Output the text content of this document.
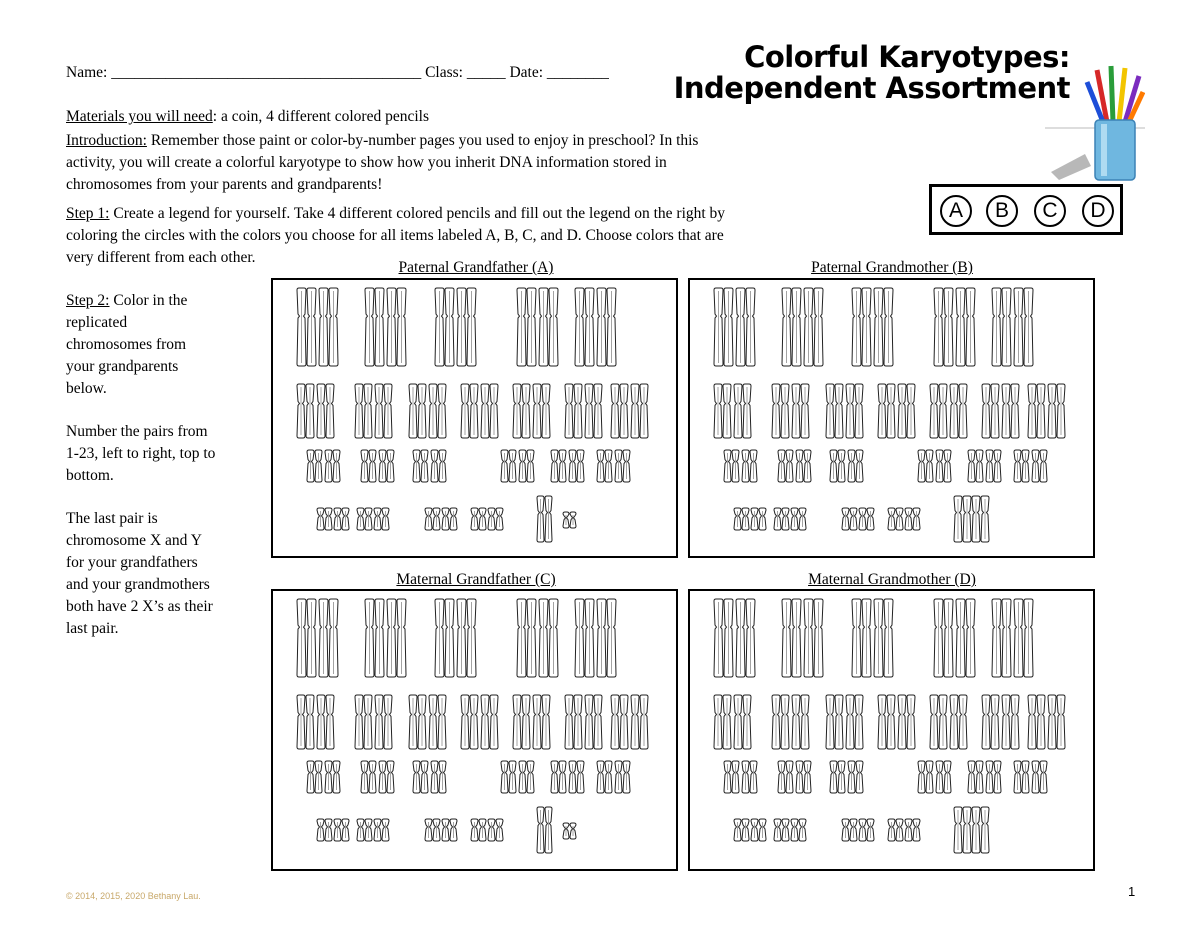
Name: ________________________________________ Class: _____ Date: ________	Colorful Karyotypes:
Independent Assortment
Materials you will need: a coin, 4 different colored pencils
Introduction: Remember those paint or color-by-number pages you used to enjoy in preschool? In this
activity, you will create a colorful karyotype to show how you inherit DNA information stored in
chromosomes from your parents and grandparents!
Step 1: Create a legend for yourself. Take 4 different colored pencils and fill out the legend on the right by
coloring the circles with the colors you choose for all items labeled A, B, C, and D. Choose colors that are
very different from each other.
A	B	C	D
Step 2: Color in the
replicated
chromosomes from
your grandparents
below.
Number the pairs from
1-23, left to right, top to
bottom.
The last pair is
chromosome X and Y
for your grandfathers
and your grandmothers
both have 2 X’s as their
last pair.
Paternal Grandfather (A)	Paternal Grandmother (B)
Maternal Grandfather (C)	Maternal Grandmother (D)
© 2014, 2015, 2020 Bethany Lau.	1
